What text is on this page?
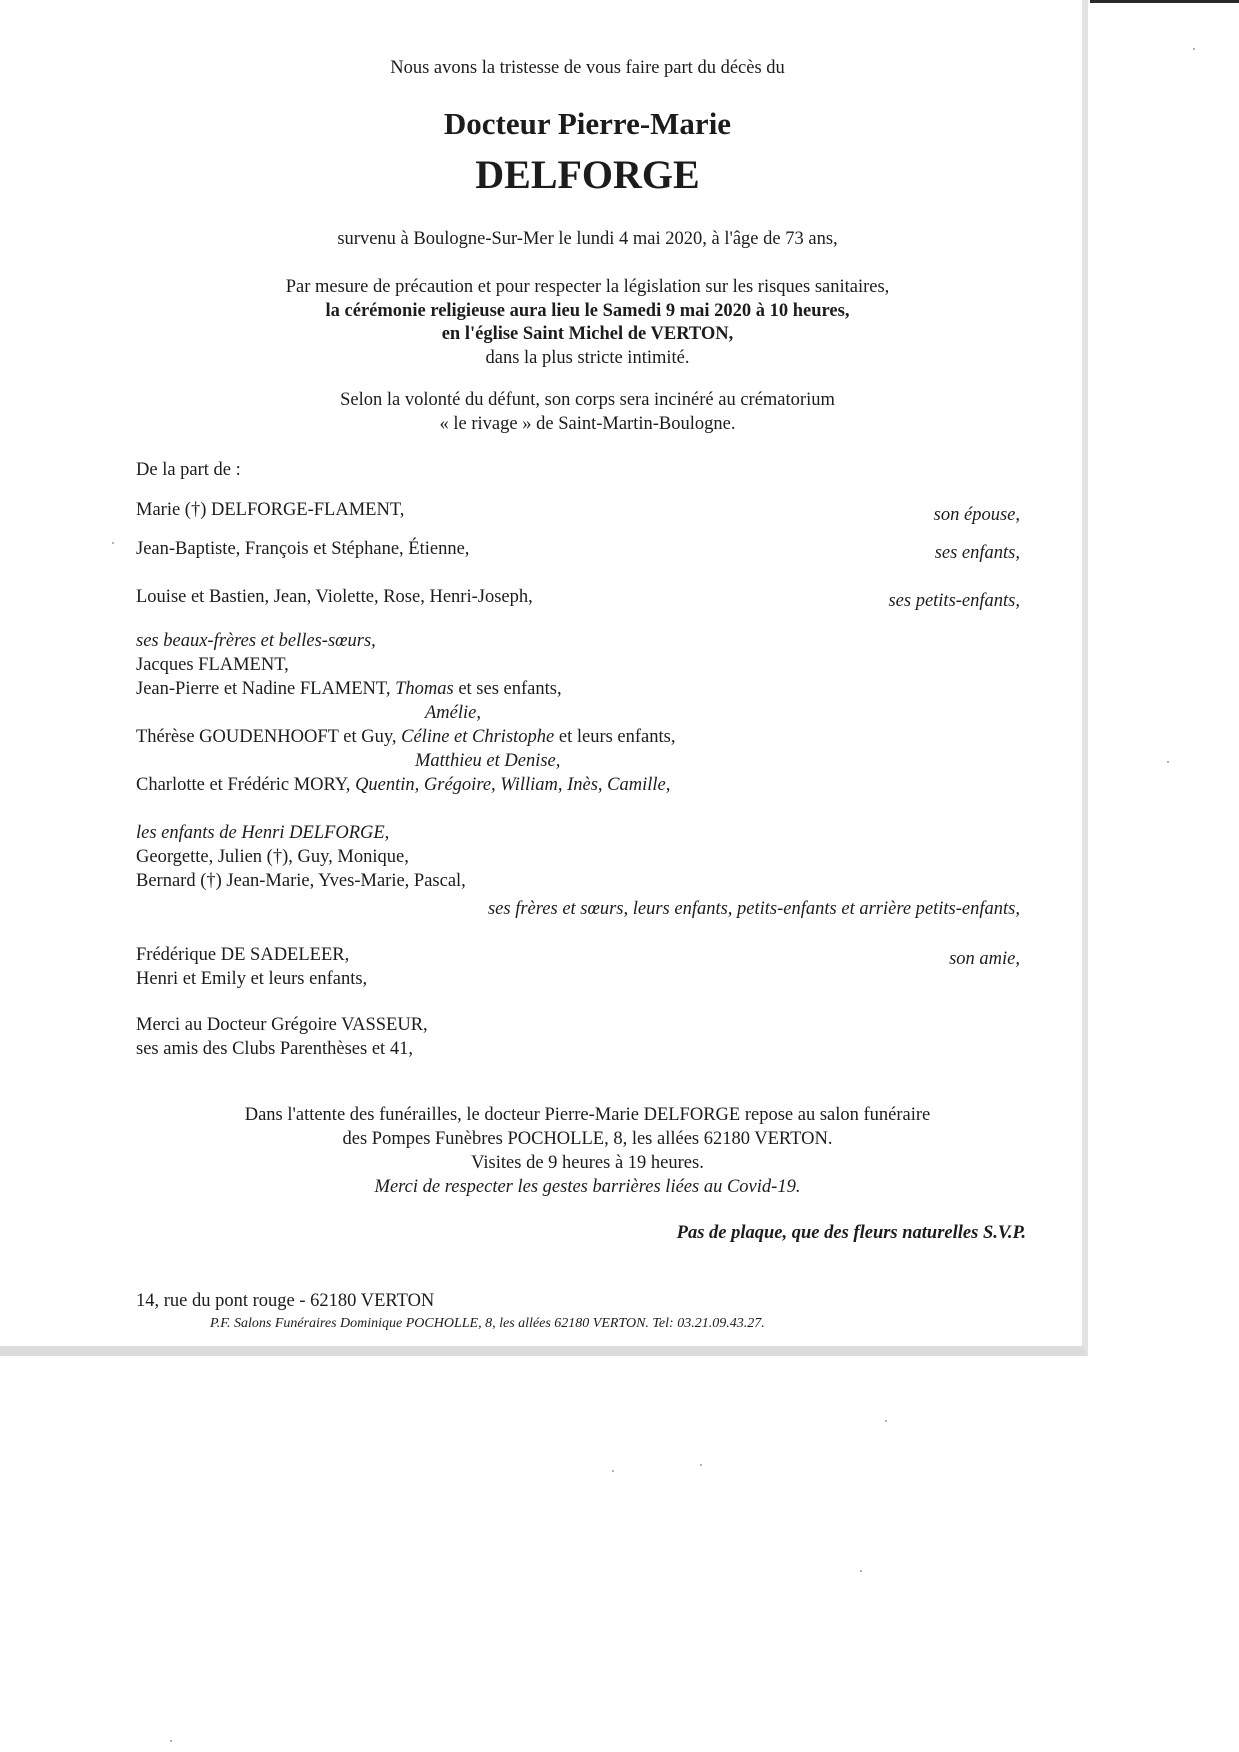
Nous avons la tristesse de vous faire part du décès du
Docteur Pierre-Marie
DELFORGE
survenu à Boulogne-Sur-Mer le lundi 4 mai 2020, à l'âge de 73 ans,
Par mesure de précaution et pour respecter la législation sur les risques sanitaires,
la cérémonie religieuse aura lieu le Samedi 9 mai 2020 à 10 heures,
en l'église Saint Michel de VERTON,
dans la plus stricte intimité.
Selon la volonté du défunt, son corps sera incinéré au crématorium
« le rivage » de Saint-Martin-Boulogne.
De la part de :
Marie (†) DELFORGE-FLAMENT,	son épouse,
Jean-Baptiste, François et Stéphane, Étienne,	ses enfants,
Louise et Bastien, Jean, Violette, Rose, Henri-Joseph,	ses petits-enfants,
ses beaux-frères et belles-sœurs,
Jacques FLAMENT,
Jean-Pierre et Nadine FLAMENT, Thomas et ses enfants,
Amélie,
Thérèse GOUDENHOOFT et Guy, Céline et Christophe et leurs enfants,
Matthieu et Denise,
Charlotte et Frédéric MORY, Quentin, Grégoire, William, Inès, Camille,
les enfants de Henri DELFORGE,
Georgette, Julien (†), Guy, Monique,
Bernard (†) Jean-Marie, Yves-Marie, Pascal,
ses frères et sœurs, leurs enfants, petits-enfants et arrière petits-enfants,
Frédérique DE SADELEER,	son amie,
Henri et Emily et leurs enfants,
Merci au Docteur Grégoire VASSEUR,
ses amis des Clubs Parenthèses et 41,
Dans l'attente des funérailles, le docteur Pierre-Marie DELFORGE repose au salon funéraire
des Pompes Funèbres POCHOLLE, 8, les allées 62180 VERTON.
Visites de 9 heures à 19 heures.
Merci de respecter les gestes barrières liées au Covid-19.
Pas de plaque, que des fleurs naturelles S.V.P.
14, rue du pont rouge - 62180 VERTON
P.F. Salons Funéraires Dominique POCHOLLE, 8, les allées 62180 VERTON. Tel: 03.21.09.43.27.
